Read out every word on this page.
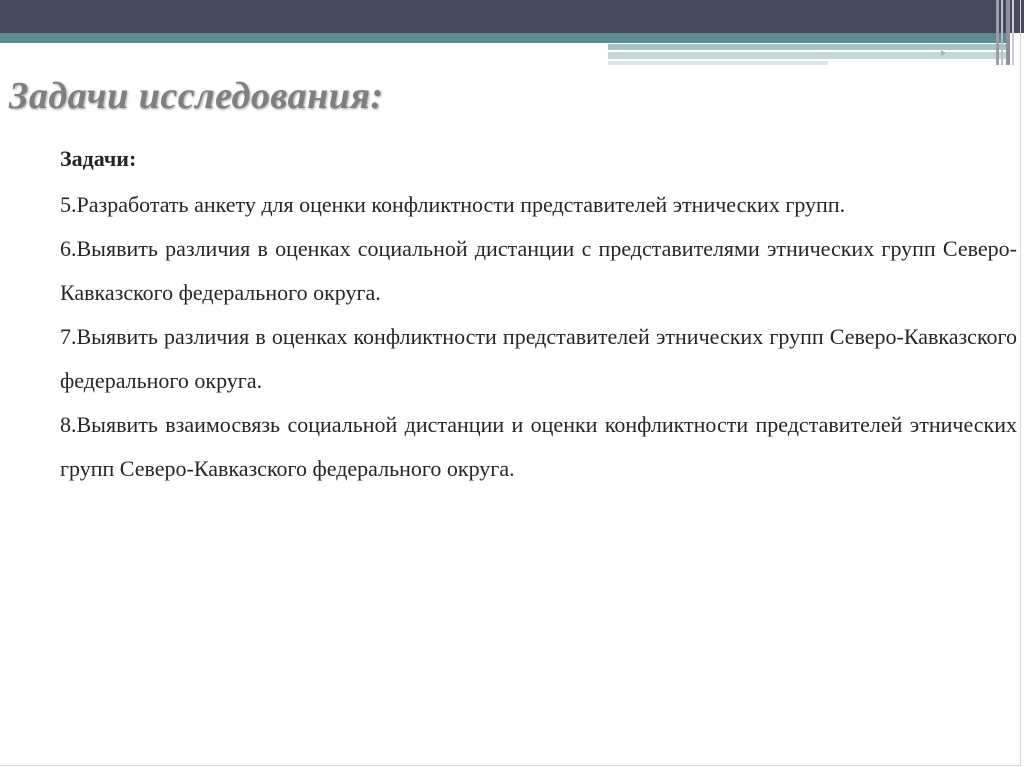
Задачи исследования:

Задачи:

5.Разработать анкету для оценки конфликтности представителей этнических групп.

6.Выявить различия в оценках социальной дистанции с представителями этнических групп Северо-Кавказского федерального округа.

7.Выявить различия в оценках конфликтности представителей этнических групп Северо-Кавказского федерального округа.

8.Выявить взаимосвязь социальной дистанции и оценки конфликтности представителей этнических групп Северо-Кавказского федерального округа.
